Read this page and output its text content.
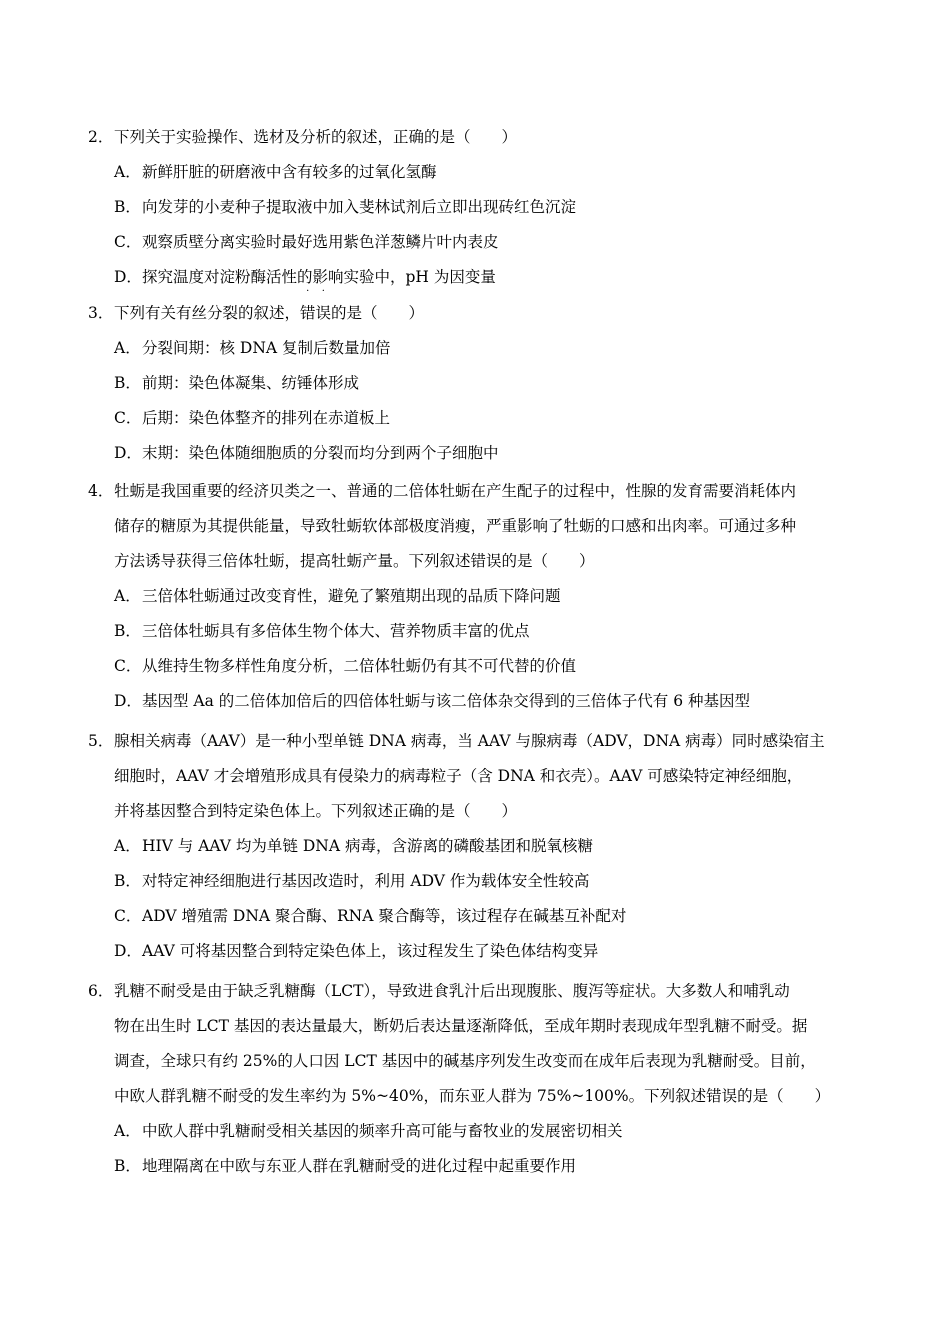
2． 下列关于实验操作、选材及分析的叙述，正确的是（　　）
A． 新鲜肝脏的研磨液中含有较多的过氧化氢酶
B． 向发芽的小麦种子提取液中加入斐林试剂后立即出现砖红色沉淀
C． 观察质壁分离实验时最好选用紫色洋葱鳞片叶内表皮
D． 探究温度对淀粉酶活性的影响实验中，pH 为因变量
3． 下列有关有丝分裂的叙述，
·
错
·
误的是（　　）
A． 分裂间期：核 DNA 复制后数量加倍
B． 前期：染色体凝集、纺锤体形成
C． 后期：染色体整齐的排列在赤道板上
D． 末期：染色体随细胞质的分裂而均分到两个子细胞中
4． 牡蛎是我国重要的经济贝类之一、普通的二倍体牡蛎在产生配子的过程中，性腺的发育需要消耗体内
储存的糖原为其提供能量，导致牡蛎软体部极度消瘦，严重影响了牡蛎的口感和出肉率。可通过多种
方法诱导获得三倍体牡蛎，提高牡蛎产量。下列叙述错误的是（　　）
A． 三倍体牡蛎通过改变育性，避免了繁殖期出现的品质下降问题
B． 三倍体牡蛎具有多倍体生物个体大、营养物质丰富的优点
C． 从维持生物多样性角度分析，二倍体牡蛎仍有其不可代替的价值
D． 基因型 Aa 的二倍体加倍后的四倍体牡蛎与该二倍体杂交得到的三倍体子代有 6 种基因型
5． 腺相关病毒（AAV）是一种小型单链 DNA 病毒，当 AAV 与腺病毒（ADV，DNA 病毒）同时感染宿主
细胞时，AAV 才会增殖形成具有侵染力的病毒粒子（含 DNA 和衣壳）。AAV 可感染特定神经细胞，
并将基因整合到特定染色体上。下列叙述正确的是（　　）
A． HIV 与 AAV 均为单链 DNA 病毒，含游离的磷酸基团和脱氧核糖
B． 对特定神经细胞进行基因改造时，利用 ADV 作为载体安全性较高
C． ADV 增殖需 DNA 聚合酶、RNA 聚合酶等，该过程存在碱基互补配对
D． AAV 可将基因整合到特定染色体上，该过程发生了染色体结构变异
6． 乳糖不耐受是由于缺乏乳糖酶（LCT），导致进食乳汁后出现腹胀、腹泻等症状。大多数人和哺乳动
物在出生时 LCT 基因的表达量最大，断奶后表达量逐渐降低，至成年期时表现成年型乳糖不耐受。据
调查，全球只有约 25%的人口因 LCT 基因中的碱基序列发生改变而在成年后表现为乳糖耐受。目前，
中欧人群乳糖不耐受的发生率约为 5%~40%，而东亚人群为 75%~100%。下列叙述错误的是（　　）
A． 中欧人群中乳糖耐受相关基因的频率升高可能与畜牧业的发展密切相关
B． 地理隔离在中欧与东亚人群在乳糖耐受的进化过程中起重要作用
